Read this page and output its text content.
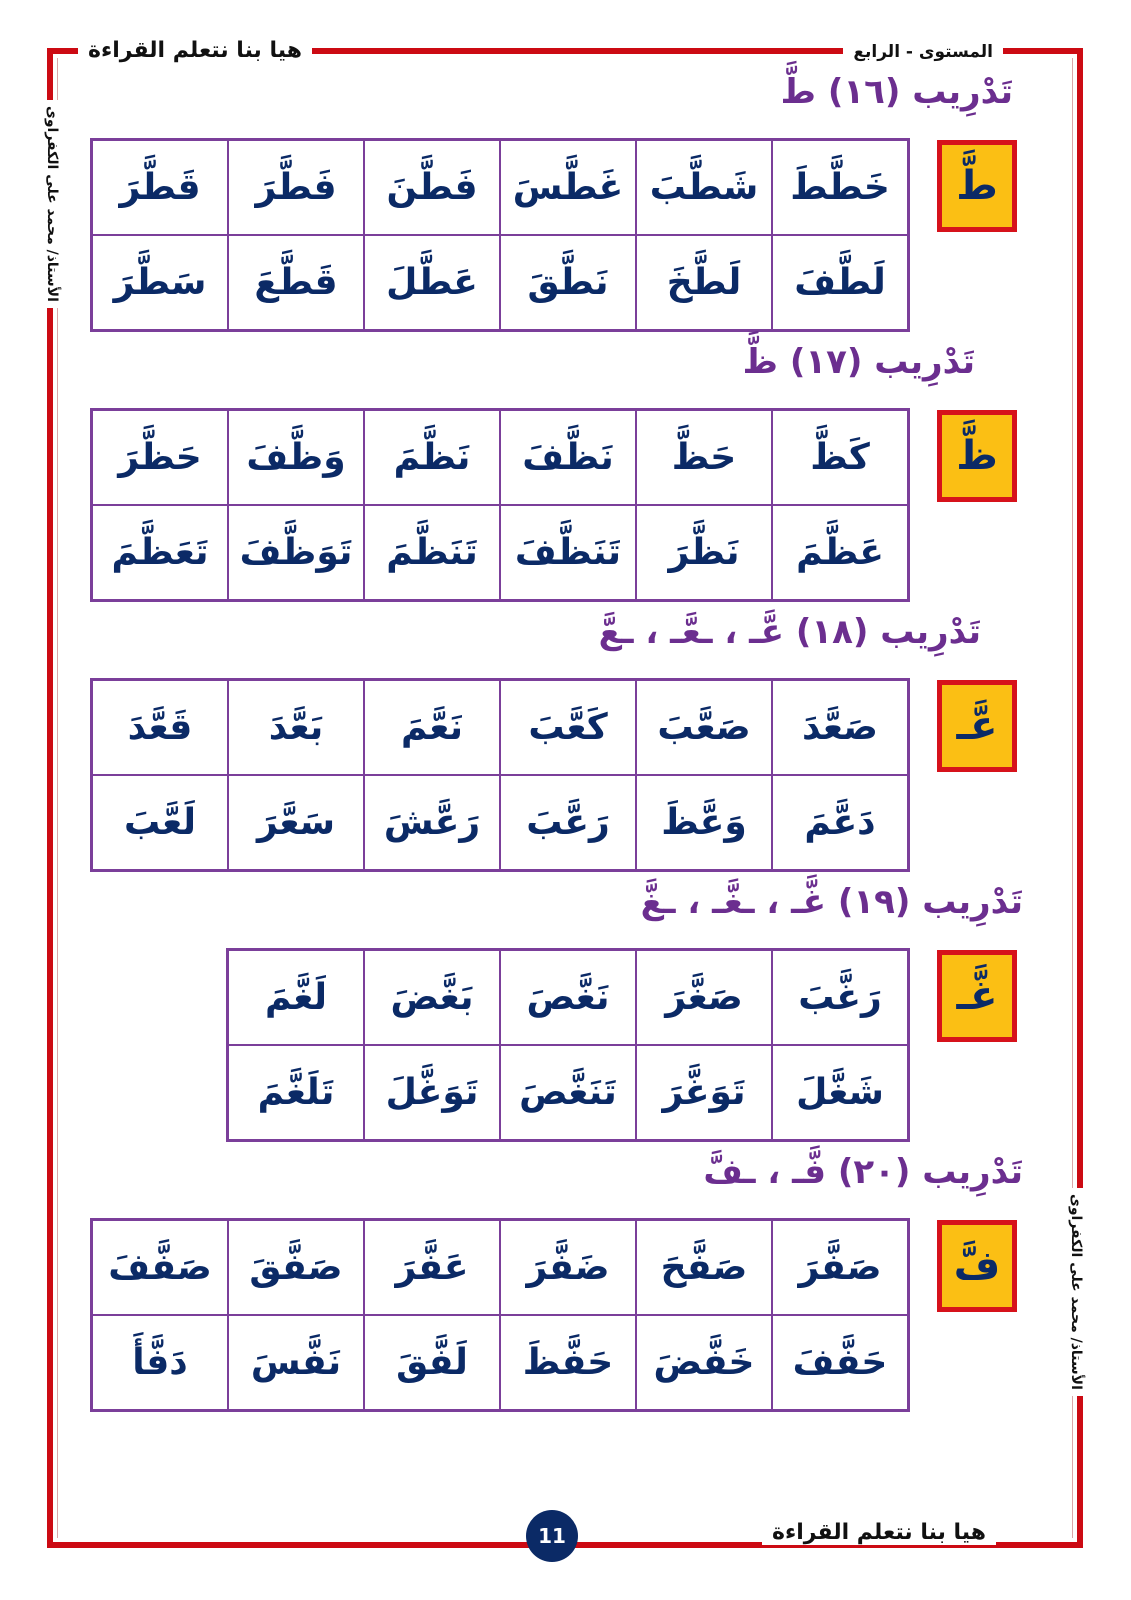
هيا بنا نتعلم القراءة	المستوى - الرابع
الأستاذ/ محمد على الكفراوى
الأستاذ/ محمد على الكفراوى
تَدْرِيب (١٦) طَّ
طَّ
خَطَّطَ
شَطَّبَ
غَطَّسَ
فَطَّنَ
فَطَّرَ
قَطَّرَ
لَطَّفَ
لَطَّخَ
نَطَّقَ
عَطَّلَ
قَطَّعَ
سَطَّرَ
تَدْرِيب (١٧) ظَّ
ظَّ
كَظَّ
حَظَّ
نَظَّفَ
نَظَّمَ
وَظَّفَ
حَظَّرَ
عَظَّمَ
نَظَّرَ
تَنَظَّفَ
تَنَظَّمَ
تَوَظَّفَ
تَعَظَّمَ
تَدْرِيب (١٨) عَّـ ، ـعَّـ ، ـعَّ
عَّـ
صَعَّدَ
صَعَّبَ
كَعَّبَ
نَعَّمَ
بَعَّدَ
قَعَّدَ
دَعَّمَ
وَعَّظَ
رَعَّبَ
رَعَّشَ
سَعَّرَ
لَعَّبَ
تَدْرِيب (١٩) غَّـ ، ـغَّـ ، ـغَّ
غَّـ
رَغَّبَ
صَغَّرَ
نَغَّصَ
بَغَّضَ
لَغَّمَ
شَغَّلَ
تَوَغَّرَ
تَنَغَّصَ
تَوَغَّلَ
تَلَغَّمَ
تَدْرِيب (٢٠) فَّـ ، ـفَّ
فَّ
صَفَّرَ
صَفَّحَ
ضَفَّرَ
عَفَّرَ
صَفَّقَ
صَفَّفَ
حَفَّفَ
خَفَّضَ
حَفَّظَ
لَفَّقَ
نَفَّسَ
دَفَّأَ
هيا بنا نتعلم القراءة
11
